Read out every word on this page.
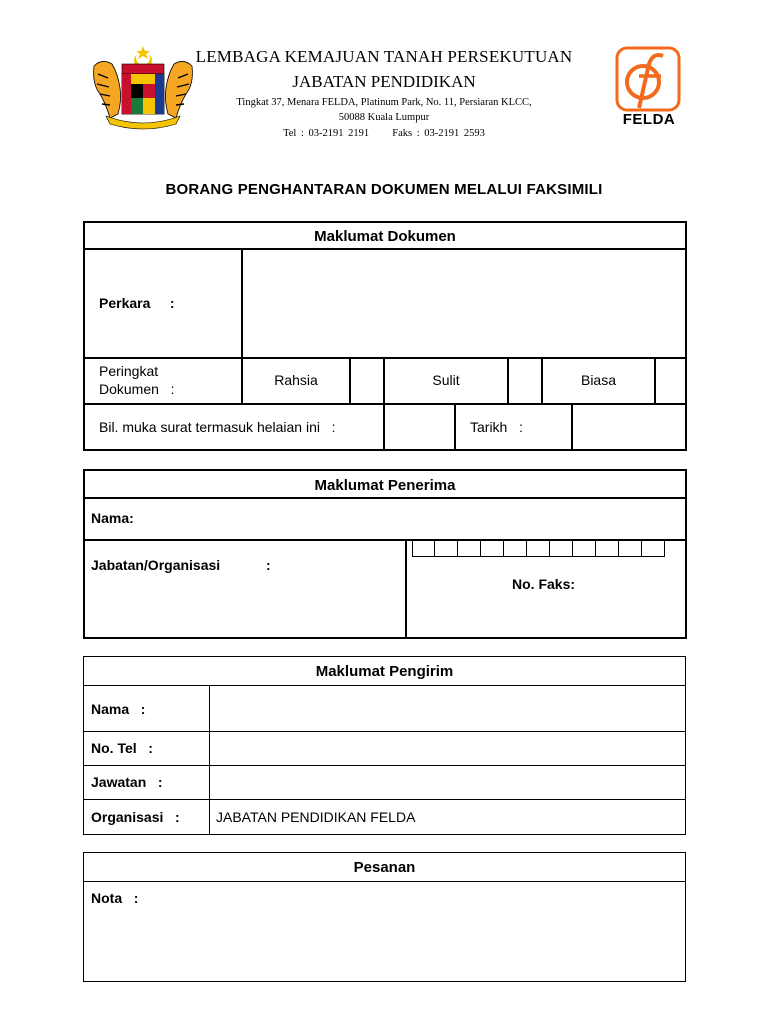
LEMBAGA KEMAJUAN TANAH PERSEKUTUAN
JABATAN PENDIDIKAN
Tingkat 37, Menara FELDA, Platinum Park, No. 11, Persiaran KLCC,
50088 Kuala Lumpur
Tel : 03-2191 2191     Faks : 03-2191 2593
FELDA
BORANG PENGHANTARAN DOKUMEN MELALUI FAKSIMILI
Maklumat Dokumen
Perkara     :
Peringkat
Dokumen   :
Rahsia	Sulit	Biasa
Bil. muka surat termasuk helaian ini   :	Tarikh   :
Maklumat Penerima
Nama:
Jabatan/Organisasi	:
No. Faks:
Maklumat Pengirim
Nama   :
No. Tel   :
Jawatan   :
Organisasi   :	JABATAN PENDIDIKAN FELDA
Pesanan
Nota   :
